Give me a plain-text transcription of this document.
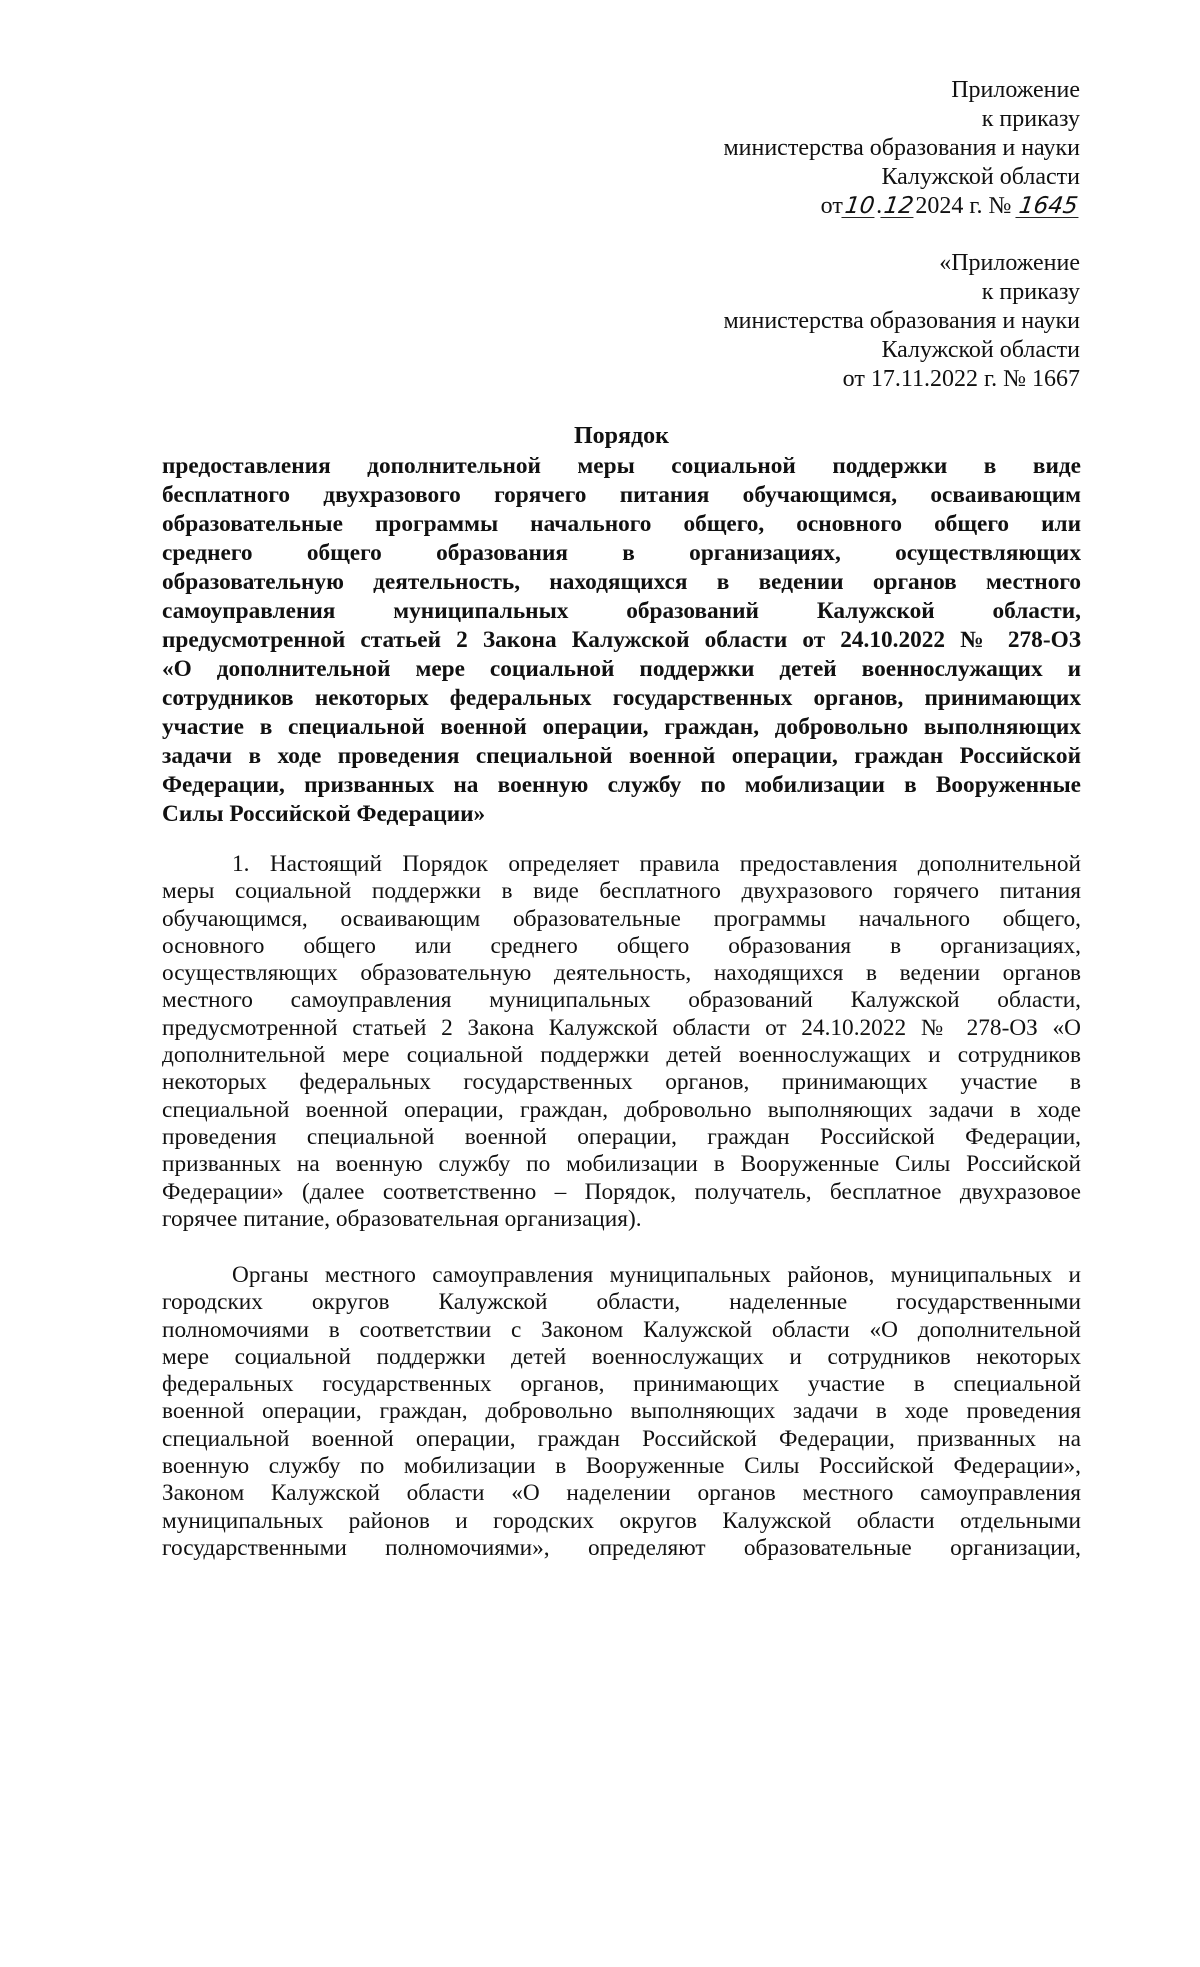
Приложение
к приказу
министерства образования и науки
Калужской области
от10.122024 г. № 1645
«Приложение
к приказу
министерства образования и науки
Калужской области
от 17.11.2022 г. № 1667
Порядок
предоставления дополнительной меры социальной поддержки в виде
бесплатного двухразового горячего питания обучающимся, осваивающим
образовательные программы начального общего, основного общего или
среднего общего образования в организациях, осуществляющих
образовательную деятельность, находящихся в ведении органов местного
самоуправления муниципальных образований Калужской области,
предусмотренной статьей 2 Закона Калужской области от 24.10.2022 № 278-ОЗ
«О дополнительной мере социальной поддержки детей военнослужащих и
сотрудников некоторых федеральных государственных органов, принимающих
участие в специальной военной операции, граждан, добровольно выполняющих
задачи в ходе проведения специальной военной операции, граждан Российской
Федерации, призванных на военную службу по мобилизации в Вооруженные
Силы Российской Федерации»
1. Настоящий Порядок определяет правила предоставления дополнительной
меры социальной поддержки в виде бесплатного двухразового горячего питания
обучающимся, осваивающим образовательные программы начального общего,
основного общего или среднего общего образования в организациях,
осуществляющих образовательную деятельность, находящихся в ведении органов
местного самоуправления муниципальных образований Калужской области,
предусмотренной статьей 2 Закона Калужской области от 24.10.2022 № 278-ОЗ «О
дополнительной мере социальной поддержки детей военнослужащих и сотрудников
некоторых федеральных государственных органов, принимающих участие в
специальной военной операции, граждан, добровольно выполняющих задачи в ходе
проведения специальной военной операции, граждан Российской Федерации,
призванных на военную службу по мобилизации в Вооруженные Силы Российской
Федерации» (далее соответственно – Порядок, получатель, бесплатное двухразовое
горячее питание, образовательная организация).
Органы местного самоуправления муниципальных районов, муниципальных и
городских округов Калужской области, наделенные государственными
полномочиями в соответствии с Законом Калужской области «О дополнительной
мере социальной поддержки детей военнослужащих и сотрудников некоторых
федеральных государственных органов, принимающих участие в специальной
военной операции, граждан, добровольно выполняющих задачи в ходе проведения
специальной военной операции, граждан Российской Федерации, призванных на
военную службу по мобилизации в Вооруженные Силы Российской Федерации»,
Законом Калужской области «О наделении органов местного самоуправления
муниципальных районов и городских округов Калужской области отдельными
государственными полномочиями», определяют образовательные организации,
